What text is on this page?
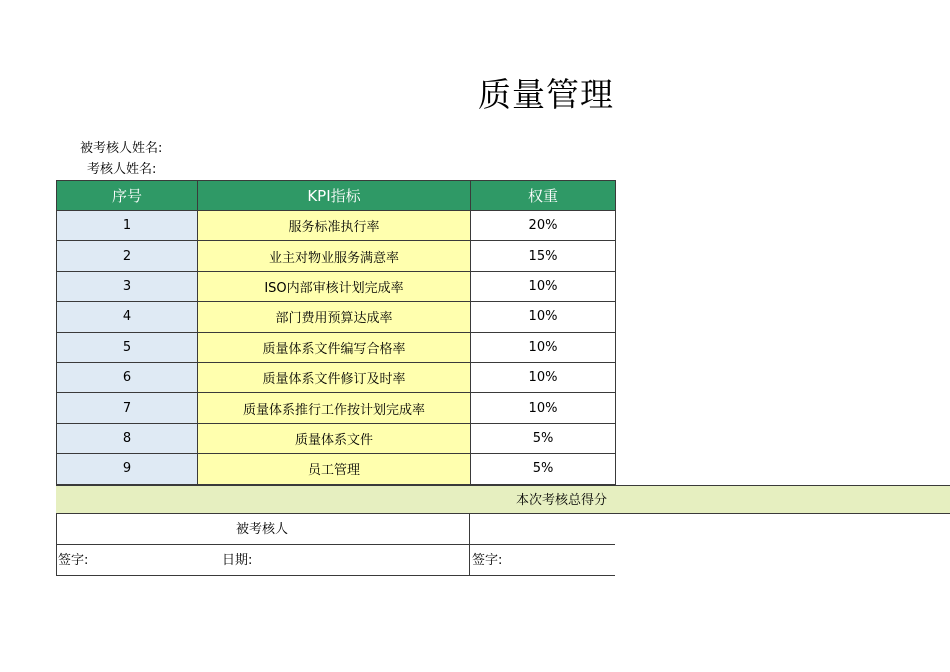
质量管理
被考核人姓名:
考核人姓名:
序号	KPI指标	权重
1	服务标准执行率	20%
2	业主对物业服务满意率	15%
3	ISO内部审核计划完成率	10%
4	部门费用预算达成率	10%
5	质量体系文件编写合格率	10%
6	质量体系文件修订及时率	10%
7	质量体系推行工作按计划完成率	10%
8	质量体系文件	5%
9	员工管理	5%
本次考核总得分
被考核人
签字:	日期:	签字:
